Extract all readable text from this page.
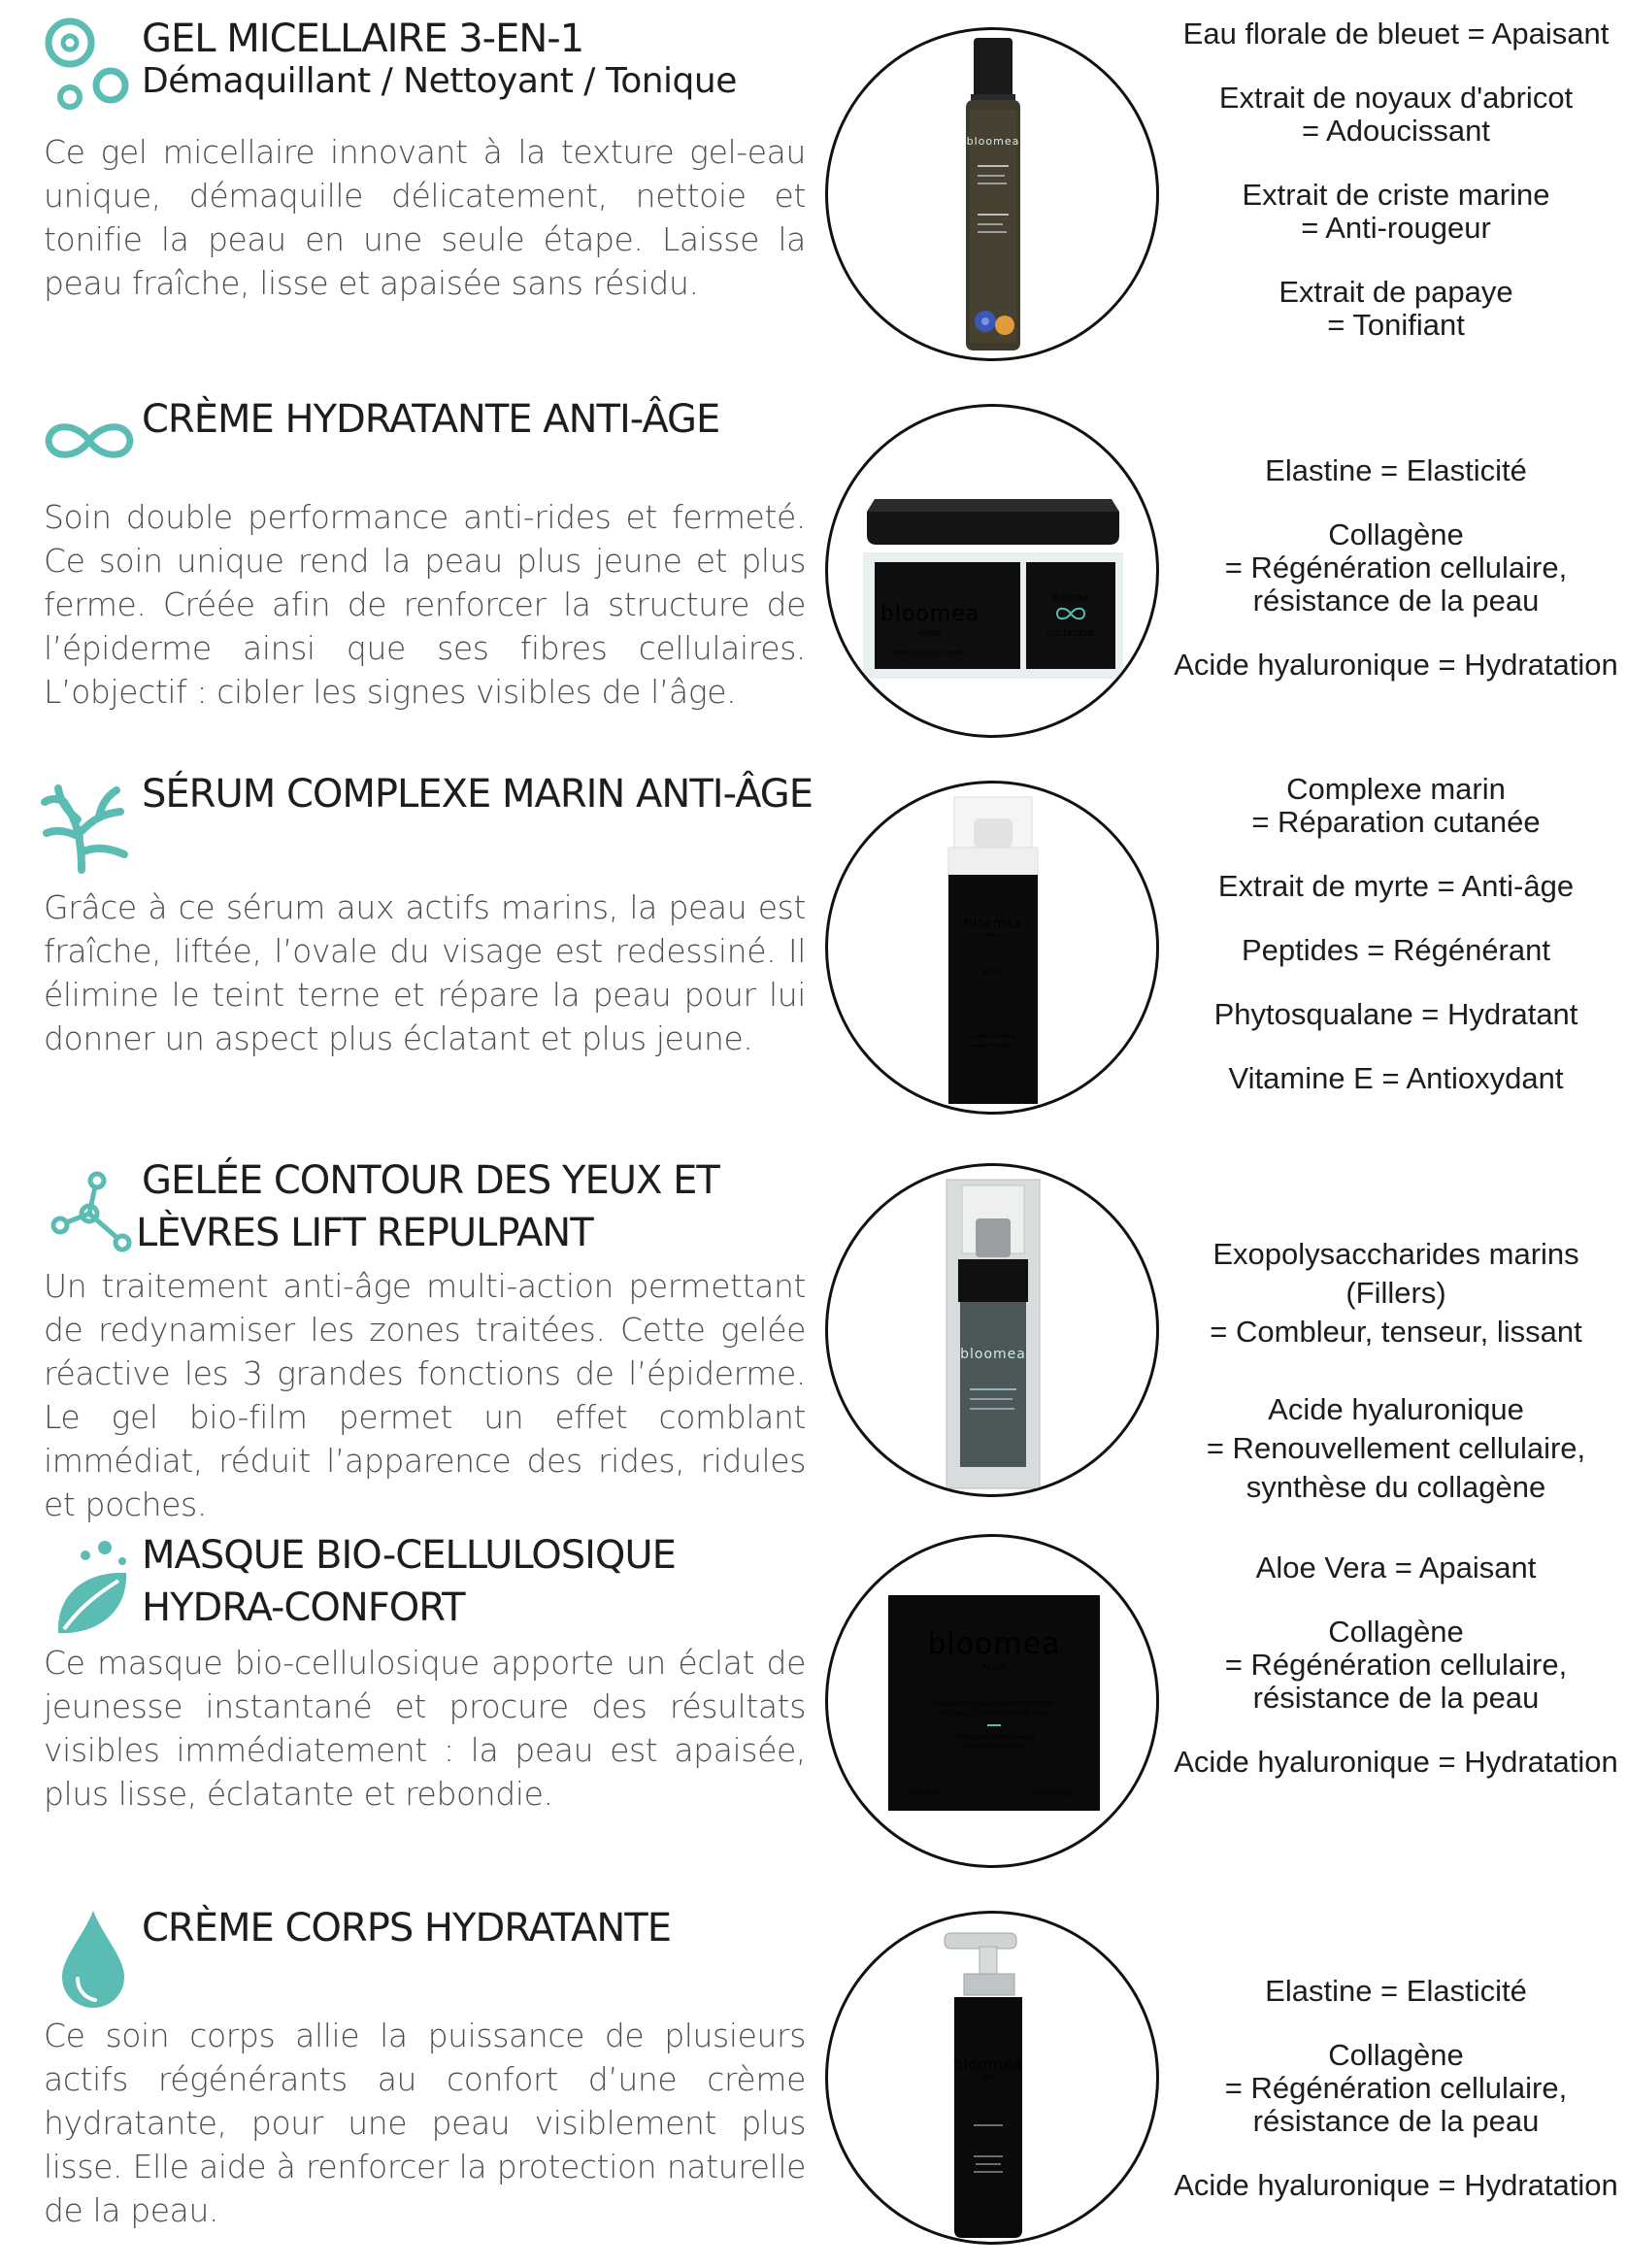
GEL MICELLAIRE 3-EN-1
Démaquillant / Nettoyant / Tonique
Ce gel micellaire innovant à la texture gel-eau unique, démaquille délicatement, nettoie et tonifie la peau en une seule étape. Laisse la peau fraîche, lisse et apaisée sans résidu.
bloomea
Eau florale de bleuet = Apaisant
Extrait de noyaux d'abricot
= Adoucissant
Extrait de criste marine
= Anti-rougeur
Extrait de papaye
= Tonifiant
CRÈME HYDRATANTE ANTI-ÂGE
Soin double performance anti-rides et fermeté. Ce soin unique rend la peau plus jeune et plus ferme. Créée afin de renforcer la structure de l’épiderme ainsi que ses fibres cellulaires. L’objectif : cibler les signes visibles de l’âge.
bloomea
PARIS
CRÈME VISAGE ET CORPS
ELASTINE
COLLAGENE
Elastine = Elasticité
Collagène
= Régénération cellulaire,
résistance de la peau
Acide hyaluronique = Hydratation
SÉRUM COMPLEXE MARIN ANTI-ÂGE
Grâce à ce sérum aux actifs marins, la peau est fraîche, liftée, l’ovale du visage est redessiné. Il élimine le teint terne et répare la peau pour lui donner un aspect plus éclatant et plus jeune.
bloomea
PARIS
SERUM
COMPLEXE MARIN
MARINE COMPLEX
Complexe marin
= Réparation cutanée
Extrait de myrte = Anti-âge
Peptides = Régénérant
Phytosqualane = Hydratant
Vitamine E = Antioxydant
GELÉE CONTOUR DES YEUX ET
LÈVRES LIFT REPULPANT
Un traitement anti-âge multi-action permettant de redynamiser les zones traitées. Cette gelée réactive les 3 grandes fonctions de l’épiderme. Le gel bio-film permet un effet comblant immédiat, réduit l’apparence des rides, ridules et poches.
bloomea
Exopolysaccharides marins
(Fillers)
= Combleur, tenseur, lissant
Acide hyaluronique
= Renouvellement cellulaire,
synthèse du collagène
MASQUE BIO-CELLULOSIQUE
HYDRA-CONFORT
Ce masque bio-cellulosique apporte un éclat de jeunesse instantané et procure des résultats visibles immédiatement : la peau est apaisée, plus lisse, éclatante et rebondie.
bloomea
PARIS
MASQUE BIO-CELLULOSIQUE HYDRATANT
BIO-CELLULOSIC MOISTURIZING MASK
10 MASQUES À USAGE UNIQUE
10 SINGLE USE MASKS
10 x 6ml	MADE IN FRANCE
Aloe Vera = Apaisant
Collagène
= Régénération cellulaire,
résistance de la peau
Acide hyaluronique = Hydratation
CRÈME CORPS HYDRATANTE
Ce soin corps allie la puissance de plusieurs actifs régénérants au confort d’une crème hydratante, pour une peau visiblement plus lisse. Elle aide à renforcer la protection naturelle de la peau.
bloomea
PARIS
Elastine = Elasticité
Collagène
= Régénération cellulaire,
résistance de la peau
Acide hyaluronique = Hydratation
